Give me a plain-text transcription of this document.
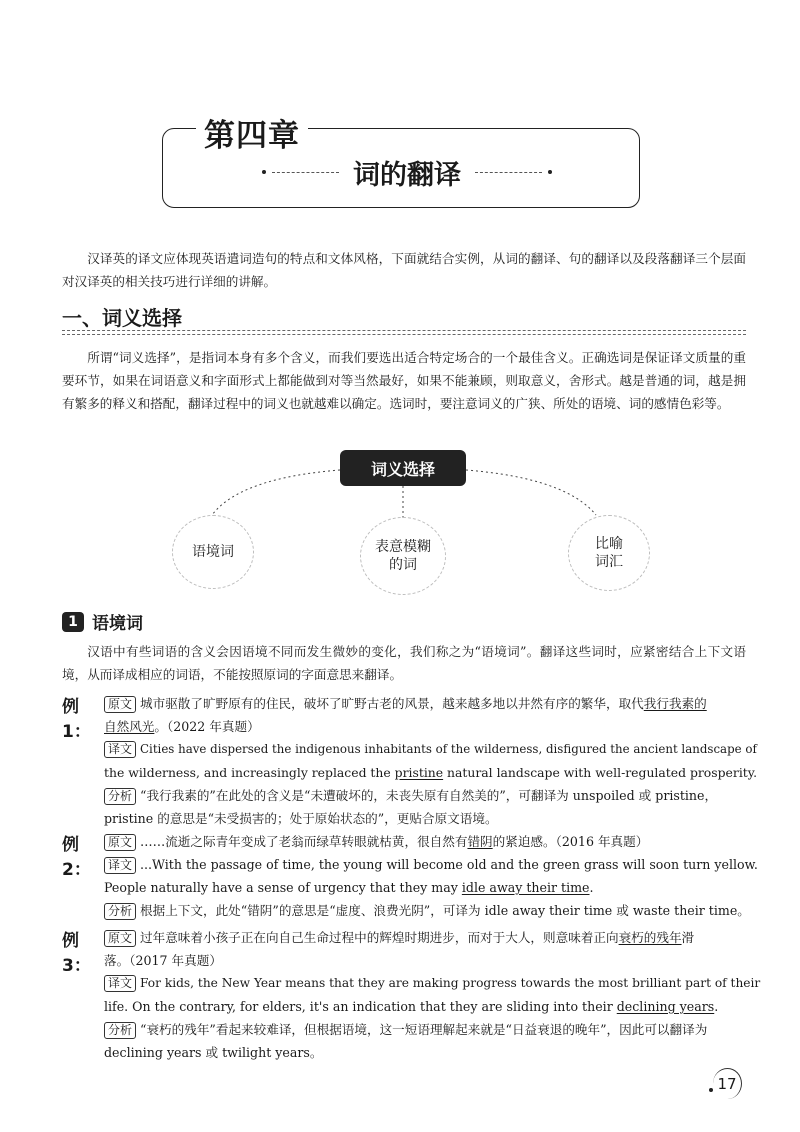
第四章
词的翻译
汉译英的译文应体现英语遣词造句的特点和文体风格，下面就结合实例，从词的翻译、句的翻译以及段落翻译三个层面对汉译英的相关技巧进行详细的讲解。
一、词义选择
所谓“词义选择”，是指词本身有多个含义，而我们要选出适合特定场合的一个最佳含义。正确选词是保证译文质量的重要环节，如果在词语意义和字面形式上都能做到对等当然最好，如果不能兼顾，则取意义，舍形式。越是普通的词，越是拥有繁多的释义和搭配，翻译过程中的词义也就越难以确定。选词时，要注意词义的广狭、所处的语境、词的感情色彩等。
词义选择
语境词	表意模糊
的词
比喻
词汇
1 语境词
汉语中有些词语的含义会因语境不同而发生微妙的变化，我们称之为“语境词”。翻译这些词时，应紧密结合上下文语境，从而译成相应的词语，不能按照原词的字面意思来翻译。
例 1：
原文 城市驱散了旷野原有的住民，破坏了旷野古老的风景，越来越多地以井然有序的繁华，取代我行我素的
自然风光。（2022 年真题）
译文 Cities have dispersed the indigenous inhabitants of the wilderness, disfigured the ancient landscape of
the wilderness, and increasingly replaced the pristine natural landscape with well-regulated prosperity.
分析 “我行我素的”在此处的含义是“未遭破坏的，未丧失原有自然美的”，可翻译为 unspoiled 或 pristine，
pristine 的意思是“未受损害的；处于原始状态的”，更贴合原文语境。
例 2：
原文 ……流逝之际青年变成了老翁而绿草转眼就枯黄，很自然有错阴的紧迫感。（2016 年真题）
译文 ...With the passage of time, the young will become old and the green grass will soon turn yellow.
People naturally have a sense of urgency that they may idle away their time.
分析 根据上下文，此处“错阴”的意思是“虚度、浪费光阴”，可译为 idle away their time 或 waste their time。
例 3：
原文 过年意味着小孩子正在向自己生命过程中的辉煌时期进步，而对于大人，则意味着正向衰朽的残年滑
落。（2017 年真题）
译文 For kids, the New Year means that they are making progress towards the most brilliant part of their
life. On the contrary, for elders, it's an indication that they are sliding into their declining years.
分析 “衰朽的残年”看起来较难译，但根据语境，这一短语理解起来就是“日益衰退的晚年”，因此可以翻译为
declining years 或 twilight years。
17
